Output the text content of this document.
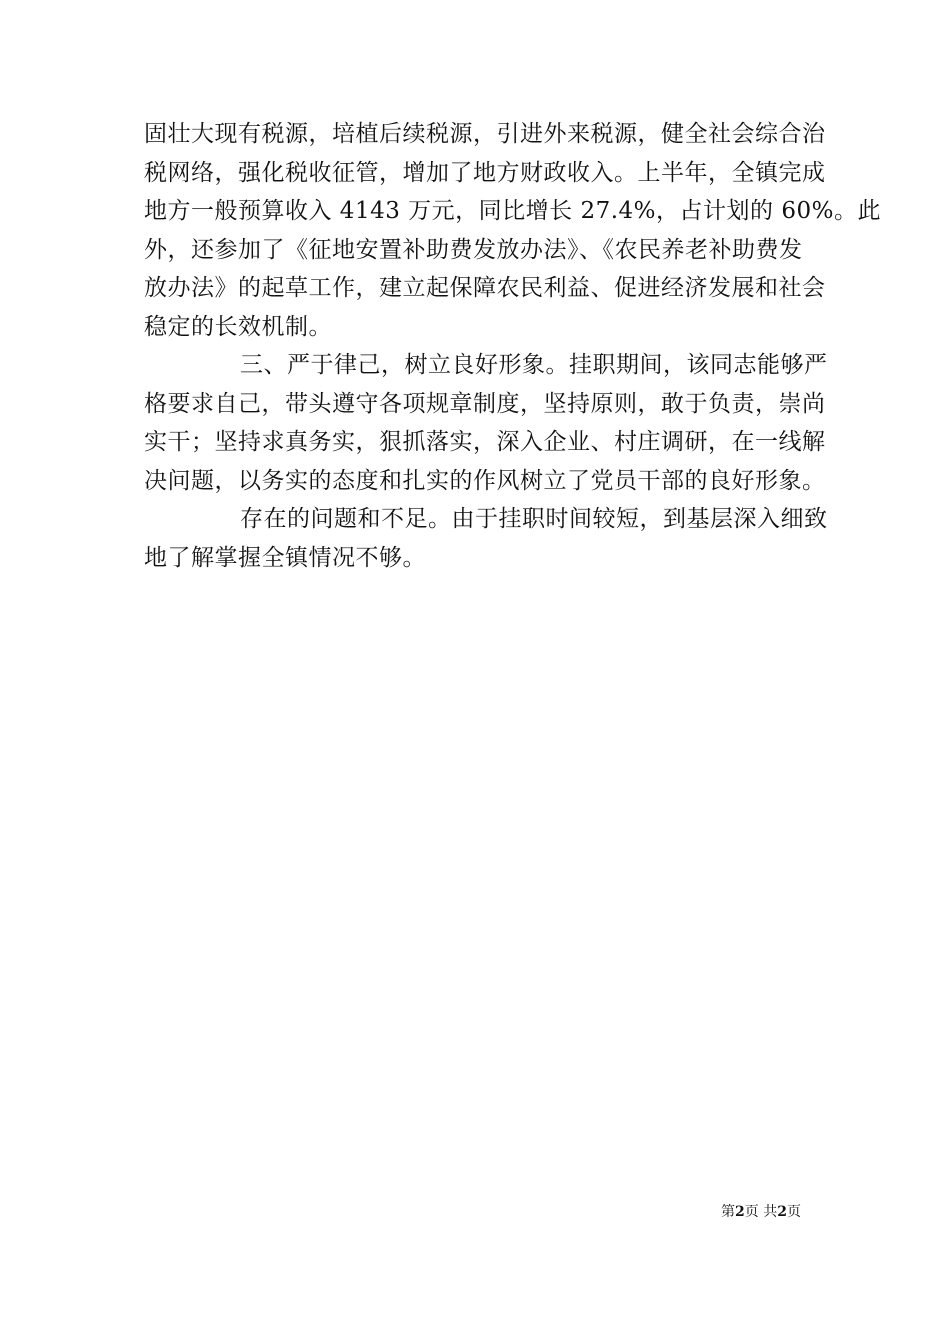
固壮大现有税源，培植后续税源，引进外来税源，健全社会综合治
税网络，强化税收征管，增加了地方财政收入。上半年，全镇完成
地方一般预算收入 4143 万元，同比增长 27.4%，占计划的 60%。此
外，还参加了《征地安置补助费发放办法》、《农民养老补助费发
放办法》的起草工作，建立起保障农民利益、促进经济发展和社会
稳定的长效机制。
三、严于律己，树立良好形象。挂职期间，该同志能够严
格要求自己，带头遵守各项规章制度，坚持原则，敢于负责，崇尚
实干；坚持求真务实，狠抓落实，深入企业、村庄调研，在一线解
决问题，以务实的态度和扎实的作风树立了党员干部的良好形象。
存在的问题和不足。由于挂职时间较短，到基层深入细致
地了解掌握全镇情况不够。
第2页 共2页
